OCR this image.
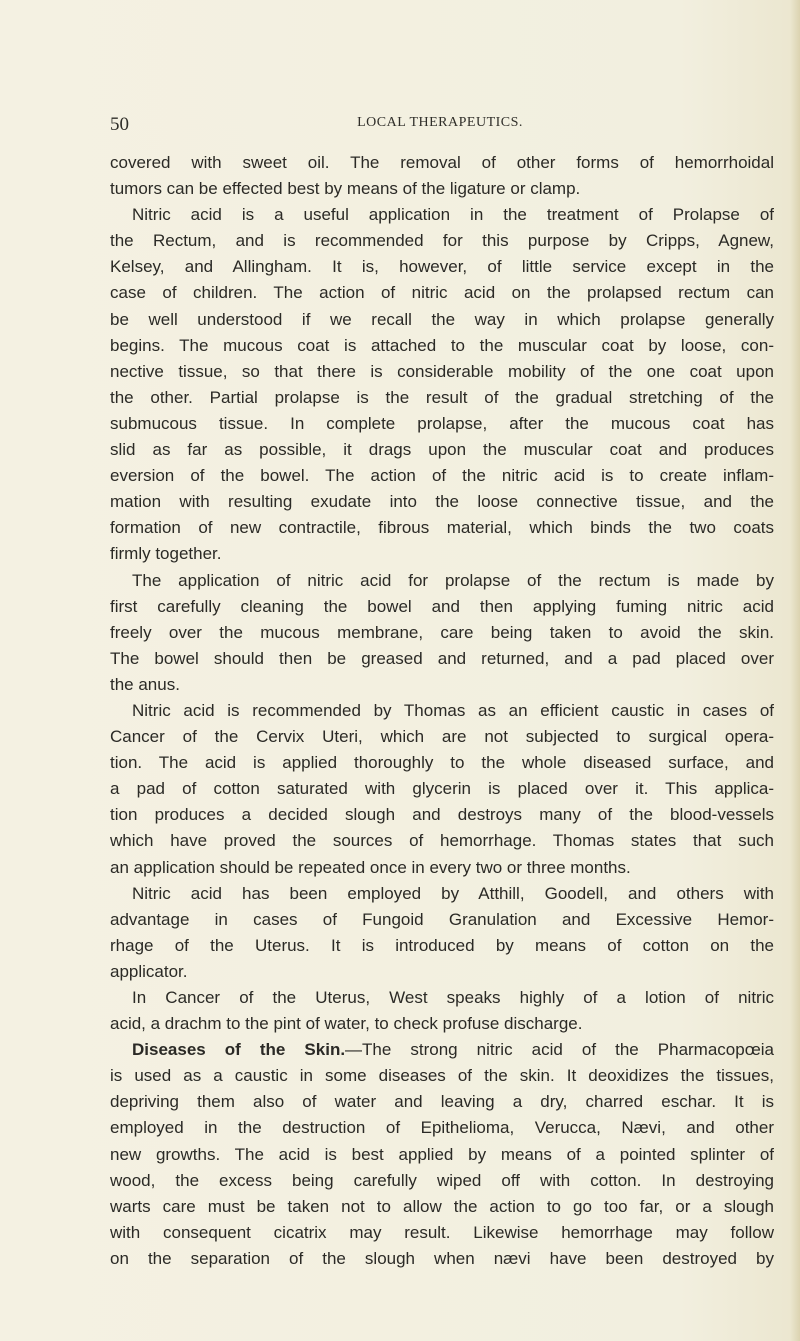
50	LOCAL THERAPEUTICS.
covered with sweet oil. The removal of other forms of hemorrhoidal
tumors can be effected best by means of the ligature or clamp.
Nitric acid is a useful application in the treatment of Prolapse of
the Rectum, and is recommended for this purpose by Cripps, Agnew,
Kelsey, and Allingham. It is, however, of little service except in the
case of children. The action of nitric acid on the prolapsed rectum can
be well understood if we recall the way in which prolapse generally
begins. The mucous coat is attached to the muscular coat by loose, con-
nective tissue, so that there is considerable mobility of the one coat upon
the other. Partial prolapse is the result of the gradual stretching of the
submucous tissue. In complete prolapse, after the mucous coat has
slid as far as possible, it drags upon the muscular coat and produces
eversion of the bowel. The action of the nitric acid is to create inflam-
mation with resulting exudate into the loose connective tissue, and the
formation of new contractile, fibrous material, which binds the two coats
firmly together.
The application of nitric acid for prolapse of the rectum is made by
first carefully cleaning the bowel and then applying fuming nitric acid
freely over the mucous membrane, care being taken to avoid the skin.
The bowel should then be greased and returned, and a pad placed over
the anus.
Nitric acid is recommended by Thomas as an efficient caustic in cases of
Cancer of the Cervix Uteri, which are not subjected to surgical opera-
tion. The acid is applied thoroughly to the whole diseased surface, and
a pad of cotton saturated with glycerin is placed over it. This applica-
tion produces a decided slough and destroys many of the blood-vessels
which have proved the sources of hemorrhage. Thomas states that such
an application should be repeated once in every two or three months.
Nitric acid has been employed by Atthill, Goodell, and others with
advantage in cases of Fungoid Granulation and Excessive Hemor-
rhage of the Uterus. It is introduced by means of cotton on the
applicator.
In Cancer of the Uterus, West speaks highly of a lotion of nitric
acid, a drachm to the pint of water, to check profuse discharge.
Diseases of the Skin.—The strong nitric acid of the Pharmacopœia
is used as a caustic in some diseases of the skin. It deoxidizes the tissues,
depriving them also of water and leaving a dry, charred eschar. It is
employed in the destruction of Epithelioma, Verucca, Nævi, and other
new growths. The acid is best applied by means of a pointed splinter of
wood, the excess being carefully wiped off with cotton. In destroying
warts care must be taken not to allow the action to go too far, or a slough
with consequent cicatrix may result. Likewise hemorrhage may follow
on the separation of the slough when nævi have been destroyed by
